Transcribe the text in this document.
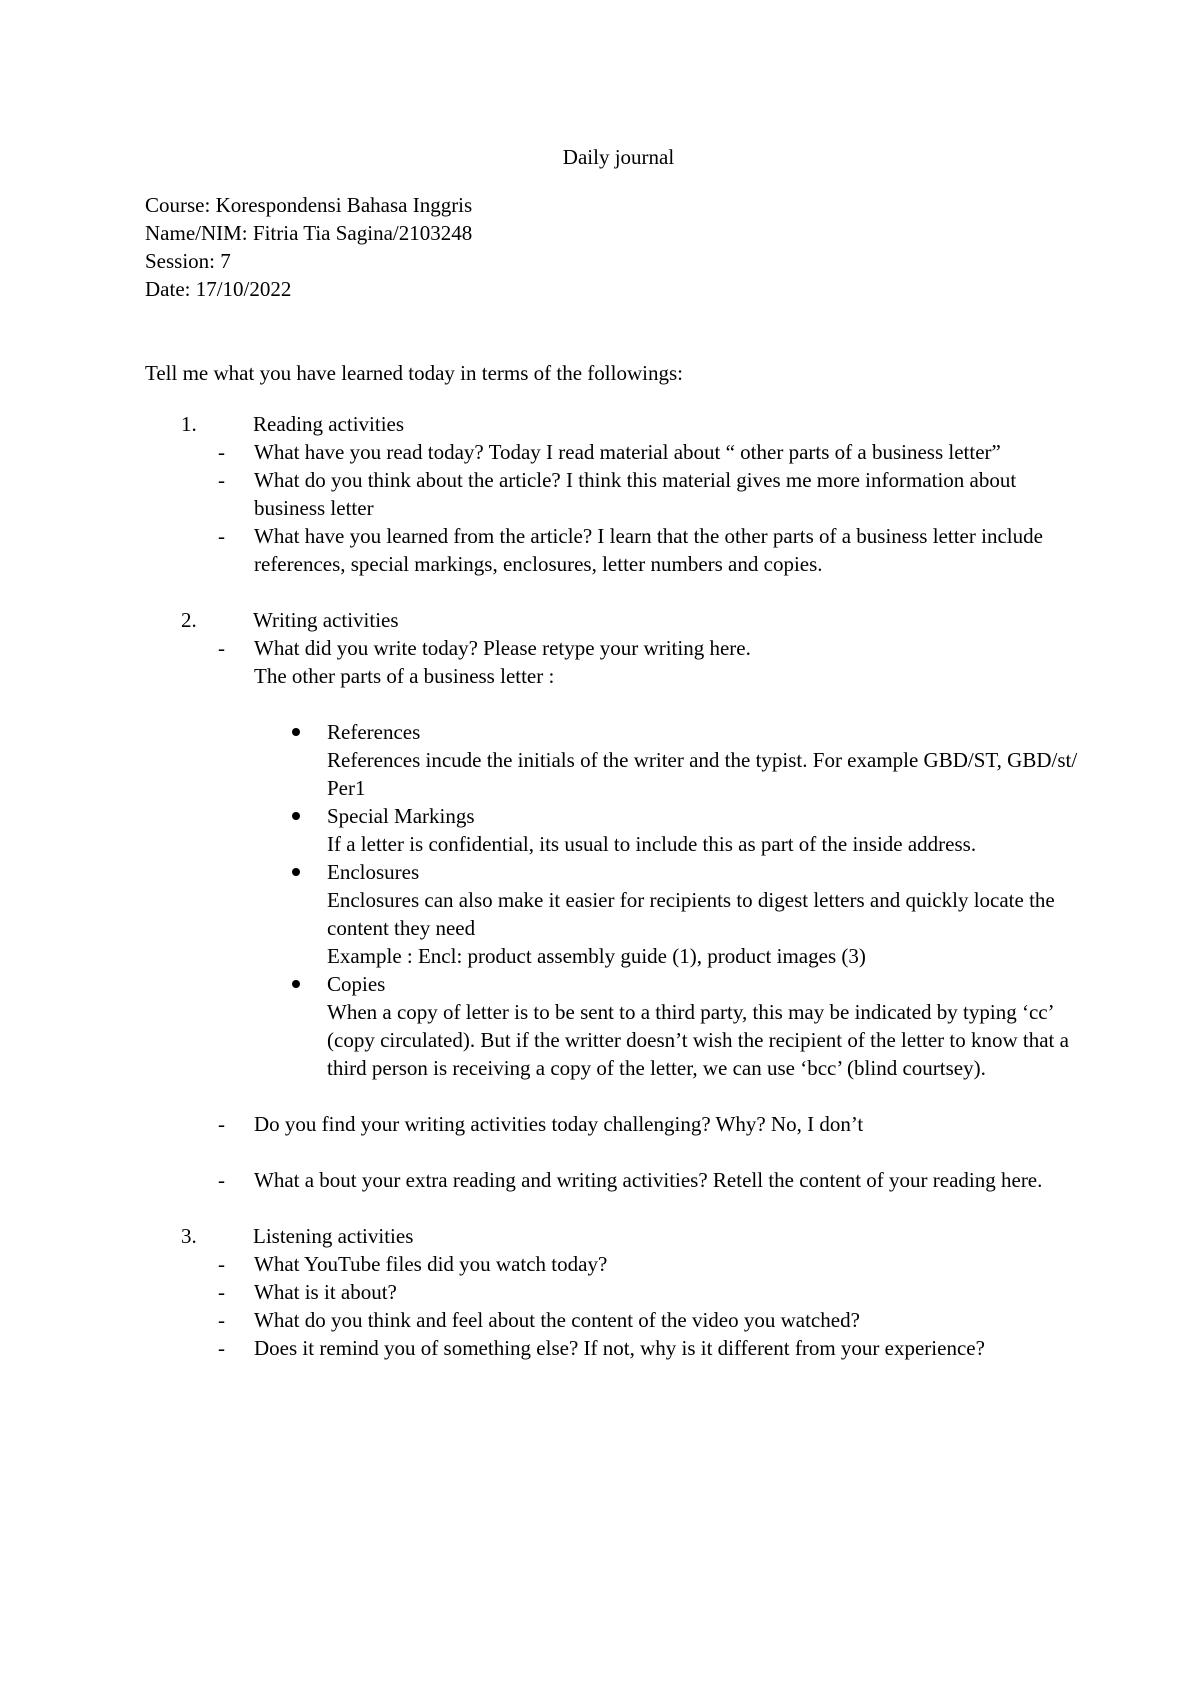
Daily journal

Course: Korespondensi Bahasa Inggris

Name/NIM: Fitria Tia Sagina/2103248

Session: 7

Date: 17/10/2022

Tell me what you have learned today in terms of the followings:
1.	Reading activities
-	What have you read today? Today I read material about “ other parts of a business letter”
-	What do you think about the article? I think this material gives me more information about business letter
-	What have you learned from the article? I learn that the other parts of a business letter include references, special markings, enclosures, letter numbers and copies.
2.	Writing activities
-	What did you write today? Please retype your writing here.
The other parts of a business letter :
References
References incude the initials of the writer and the typist. For example GBD/ST, GBD/st/ Per1
Special Markings
If a letter is confidential, its usual to include this as part of the inside address.
Enclosures
Enclosures can also make it easier for recipients to digest letters and quickly locate the content they need
Example : Encl: product assembly guide (1), product images (3)
Copies
When a copy of letter is to be sent to a third party, this may be indicated by typing ‘cc’ (copy circulated). But if the writter doesn’t wish the recipient of the letter to know that a third person is receiving a copy of the letter, we can use ‘bcc’ (blind courtsey).
-	Do you find your writing activities today challenging? Why? No, I don’t
-	What a bout your extra reading and writing activities? Retell the content of your reading here.
3.	Listening activities
-	What YouTube files did you watch today?
-	What is it about?
-	What do you think and feel about the content of the video you watched?
-	Does it remind you of something else? If not, why is it different from your experience?
